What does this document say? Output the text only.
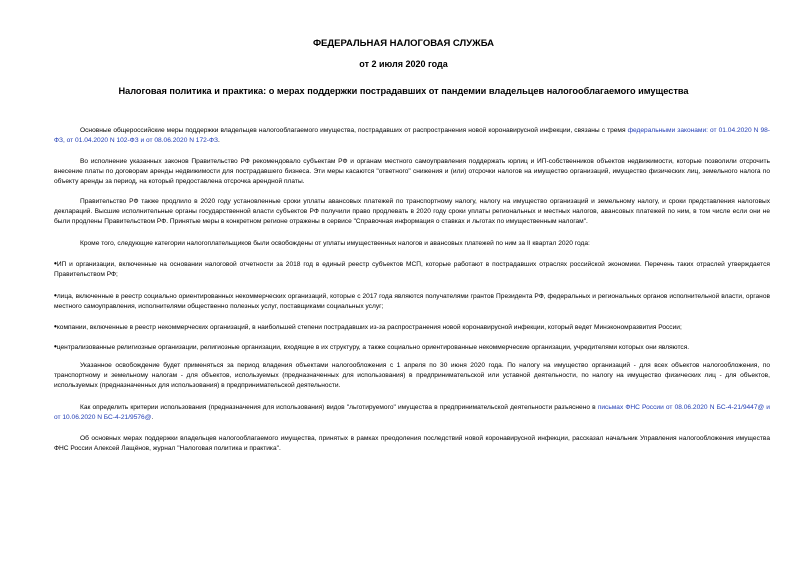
ФЕДЕРАЛЬНАЯ НАЛОГОВАЯ СЛУЖБА
от 2 июля 2020 года
Налоговая политика и практика: о мерах поддержки пострадавших от пандемии владельцев налогооблагаемого имущества

Основные общероссийские меры поддержки владельцев налогооблагаемого имущества, пострадавших от распространения новой коронавирусной инфекции, связаны с тремя федеральными законами: от 01.04.2020 N 98-ФЗ, от 01.04.2020 N 102-ФЗ и от 08.06.2020 N 172-ФЗ.

Во исполнение указанных законов Правительство РФ рекомендовало субъектам РФ и органам местного самоуправления поддержать юрлиц и ИП-собственников объектов недвижимости, которые позволили отсрочить внесение платы по договорам аренды недвижимости для пострадавшего бизнеса. Эти меры касаются "ответного" снижения и (или) отсрочки налогов на имущество организаций, имущество физических лиц, земельного налога по объекту аренды за период, на который предоставлена отсрочка арендной платы.

Правительство РФ также продлило в 2020 году установленные сроки уплаты авансовых платежей по транспортному налогу, налогу на имущество организаций и земельному налогу, и сроки представления налоговых деклараций. Высшие исполнительные органы государственной власти субъектов РФ получили право продлевать в 2020 году сроки уплаты региональных и местных налогов, авансовых платежей по ним, в том числе если они не были продлены Правительством РФ. Принятые меры в конкретном регионе отражены в сервисе "Справочная информация о ставках и льготах по имущественным налогам".

Кроме того, следующие категории налогоплательщиков были освобождены от уплаты имущественных налогов и авансовых платежей по ним за II квартал 2020 года:

•ИП и организации, включенные на основании налоговой отчетности за 2018 год в единый реестр субъектов МСП, которые работают в пострадавших отраслях российской экономики. Перечень таких отраслей утверждается Правительством РФ;

•лица, включенные в реестр социально ориентированных некоммерческих организаций, которые с 2017 года являются получателями грантов Президента РФ, федеральных и региональных органов исполнительной власти, органов местного самоуправления, исполнителями общественно полезных услуг, поставщиками социальных услуг;

•компании, включенные в реестр некоммерческих организаций, в наибольшей степени пострадавших из-за распространения новой коронавирусной инфекции, который ведет Минэкономразвития России;

•централизованные религиозные организации, религиозные организации, входящие в их структуру, а также социально ориентированные некоммерческие организации, учредителями которых они являются.

Указанное освобождение будет применяться за период владения объектами налогообложения с 1 апреля по 30 июня 2020 года. По налогу на имущество организаций - для всех объектов налогообложения, по транспортному и земельному налогам - для объектов, используемых (предназначенных для использования) в предпринимательской или уставной деятельности, по налогу на имущество физических лиц - для объектов, используемых (предназначенных для использования) в предпринимательской деятельности.

Как определить критерии использования (предназначения для использования) видов "льготируемого" имущества в предпринимательской деятельности разъяснено в письмах ФНС России от 08.06.2020 N БС-4-21/9447@ и от 10.06.2020 N БС-4-21/9576@.

Об основных мерах поддержки владельцев налогооблагаемого имущества, принятых в рамках преодоления последствий новой коронавирусной инфекции, рассказал начальник Управления налогообложения имущества ФНС России Алексей Лащёнов, журнал "Налоговая политика и практика".
